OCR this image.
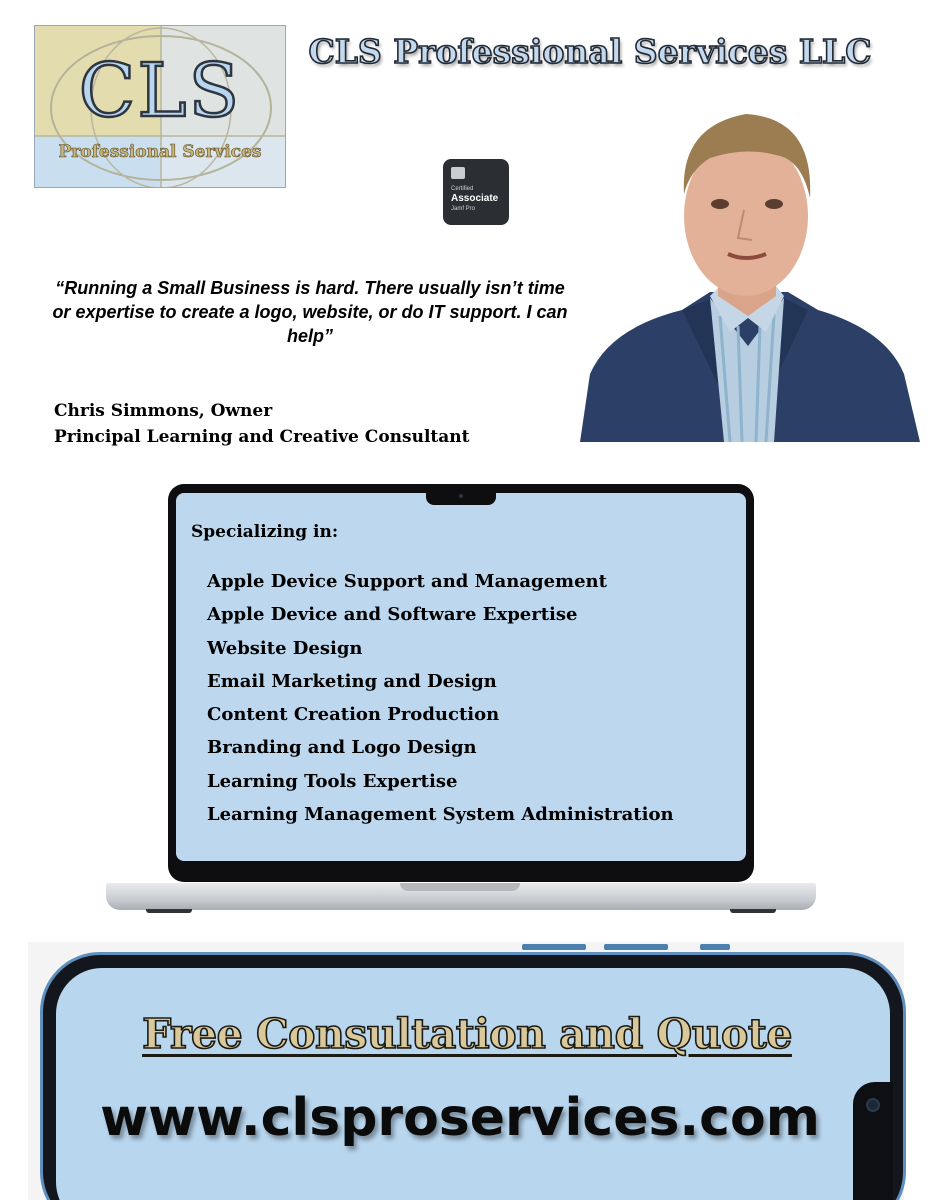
CLS
Professional Services
CLS Professional Services LLC
Certified
Associate
Jamf Pro
“Running a Small Business is hard. There usually isn’t time or expertise to create a logo, website, or do IT support. I can help”
Chris Simmons, Owner
Principal Learning and Creative Consultant
Specializing in:
Apple Device Support and Management
Apple Device and Software Expertise
Website Design
Email Marketing and Design
Content Creation Production
Branding and Logo Design
Learning Tools Expertise
Learning Management System Administration
Free Consultation and Quote
www.clsproservices.com
